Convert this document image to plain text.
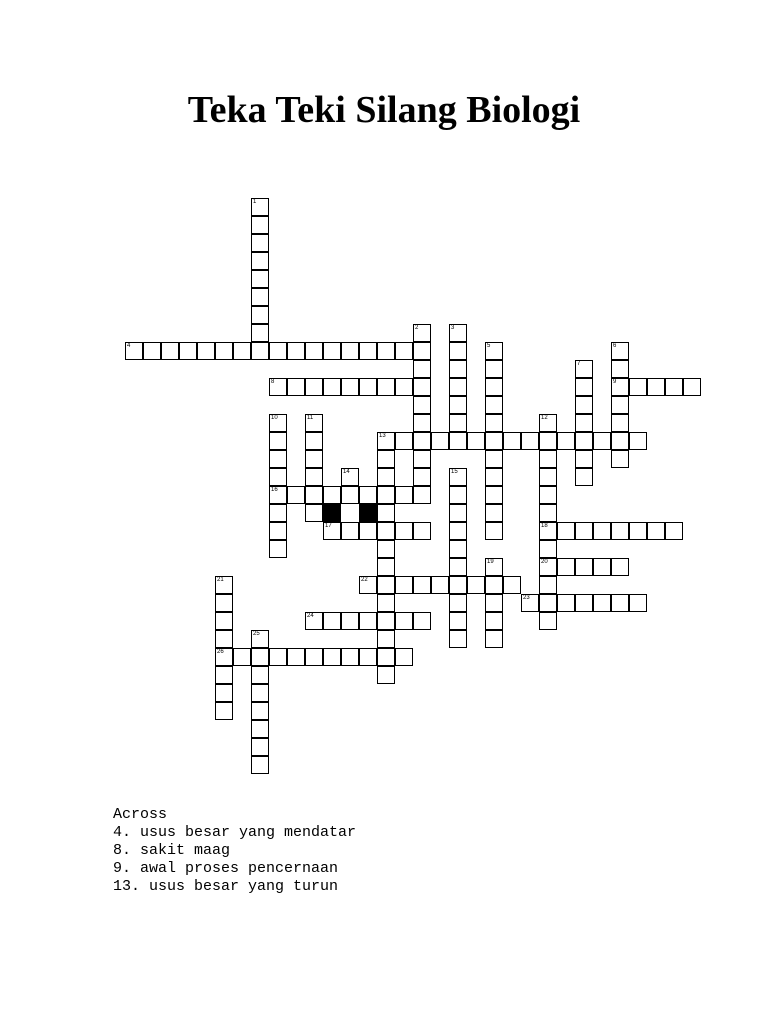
Teka Teki Silang Biologi
1
2	3
4	5	6
9
7
8
10
16
11	12
18
20
13
14	15
17
19
21
26
22
23
24
25
Across
4. usus besar yang mendatar
8. sakit maag
9. awal proses pencernaan
13. usus besar yang turun
